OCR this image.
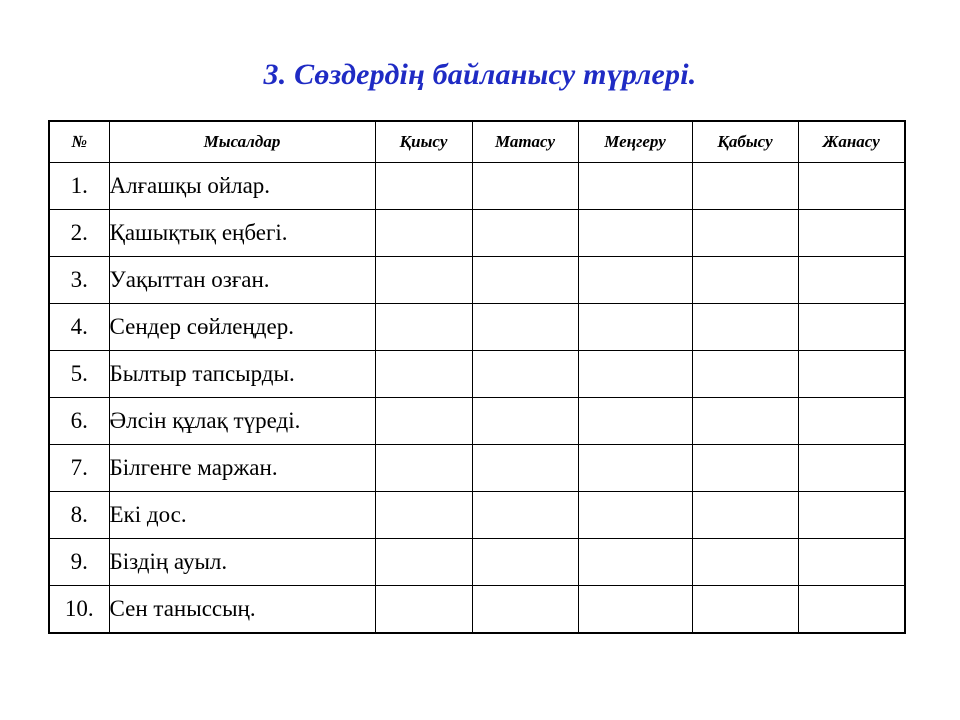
3. Сөздердің байланысу түрлері.
№	Мысалдар	Қиысу	Матасу	Меңгеру	Қабысу	Жанасу
1.	Алғашқы ойлар.					
2.	Қашықтық еңбегі.					
3.	Уақыттан озған.					
4.	Сендер сөйлеңдер.					
5.	Былтыр тапсырды.					
6.	Әлсін құлақ түреді.					
7.	Білгенге маржан.					
8.	Екі дос.					
9.	Біздің ауыл.					
10.	Сен таныссың.					
